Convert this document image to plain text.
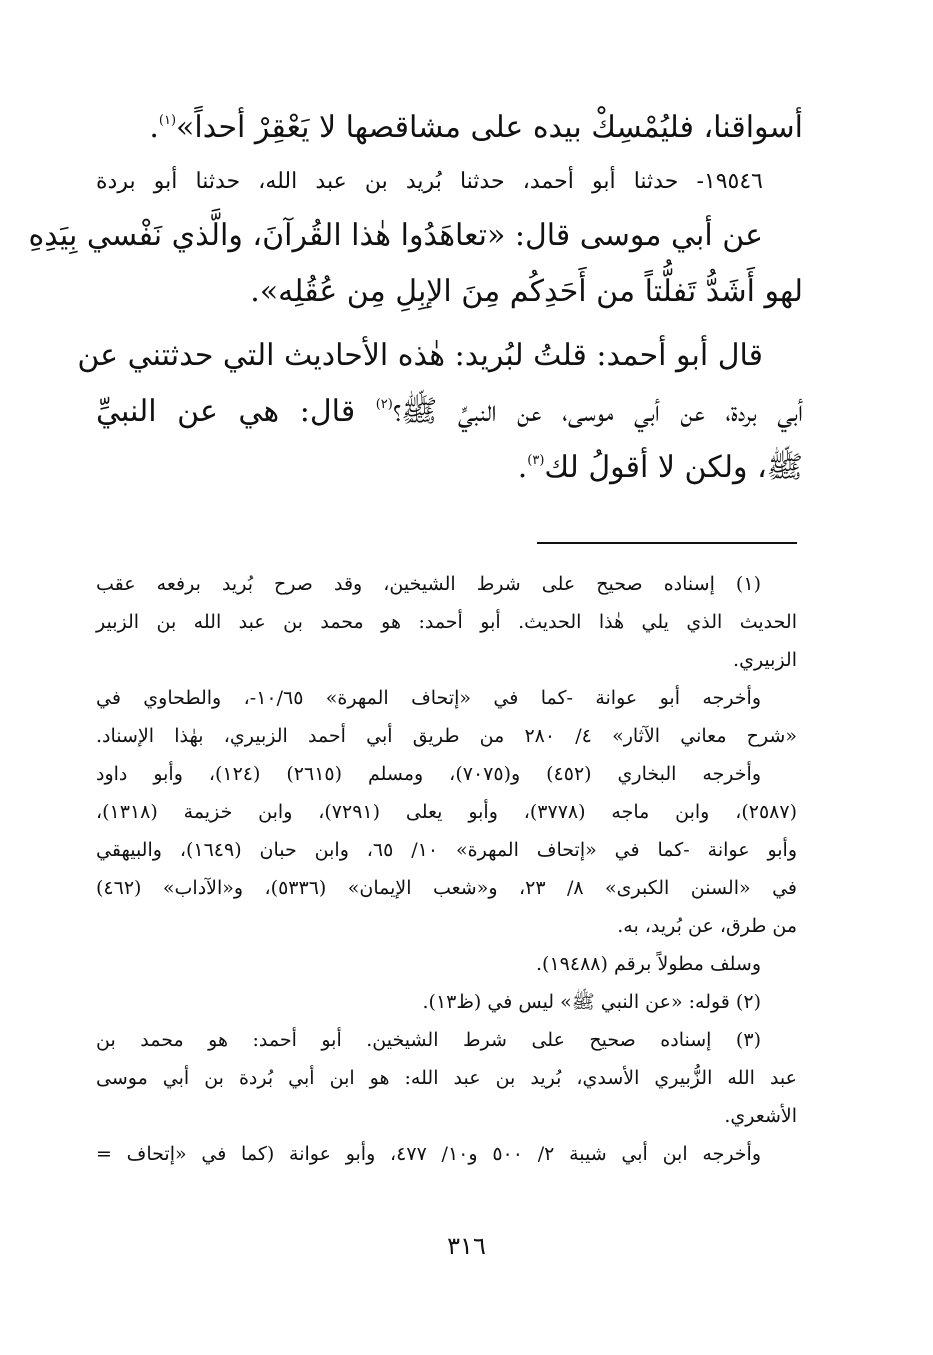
أسواقنا، فليُمْسِكْ بيده على مشاقصها لا يَعْقِرْ أحداً»$^{(١)}$.
١٩٥٤٦- حدثنا أبو أحمد، حدثنا بُريد بن عبد الله، حدثنا أبو بردة
عن أبي موسى قال: «تعاهَدُوا هٰذا القُرآنَ، والَّذي نَفْسي بِيَدِهِ
لهو أَشَدُّ تَفلُّتاً من أَحَدِكُم مِنَ الإبِلِ مِن عُقُلِه».
قال أبو أحمد: قلتُ لبُريد: هٰذه الأحاديث التي حدثتني عن
أبي بردة، عن أبي موسى، عن النبيِّ ﷺ؟$^{(٢)}$ قال: هي عن النبيِّ
ﷺ، ولكن لا أقولُ لك$^{(٣)}$.
(١) إسناده صحيح على شرط الشيخين، وقد صرح بُريد برفعه عقب
الحديث الذي يلي هٰذا الحديث. أبو أحمد: هو محمد بن عبد الله بن الزبير
الزبيري.
وأخرجه أبو عوانة -كما في «إتحاف المهرة» ١٠/٦٥-، والطحاوي في
«شرح معاني الآثار» ٤/ ٢٨٠ من طريق أبي أحمد الزبيري، بهٰذا الإسناد.
وأخرجه البخاري (٤٥٢) و(٧٠٧٥)، ومسلم (٢٦١٥) (١٢٤)، وأبو داود
(٢٥٨٧)، وابن ماجه (٣٧٧٨)، وأبو يعلى (٧٢٩١)، وابن خزيمة (١٣١٨)،
وأبو عوانة -كما في «إتحاف المهرة» ١٠/ ٦٥، وابن حبان (١٦٤٩)، والبيهقي
في «السنن الكبرى» ٨/ ٢٣، و«شعب الإيمان» (٥٣٣٦)، و«الآداب» (٤٦٢)
من طرق، عن بُريد، به.
وسلف مطولاً برقم (١٩٤٨٨).
(٢) قوله: «عن النبي ﷺ» ليس في (ظ١٣).
(٣) إسناده صحيح على شرط الشيخين. أبو أحمد: هو محمد بن
عبد الله الزُّبيري الأسدي، بُريد بن عبد الله: هو ابن أبي بُردة بن أبي موسى
الأشعري.
وأخرجه ابن أبي شيبة ٢/ ٥٠٠ و١٠/ ٤٧٧، وأبو عوانة (كما في «إتحاف =
٣١٦
